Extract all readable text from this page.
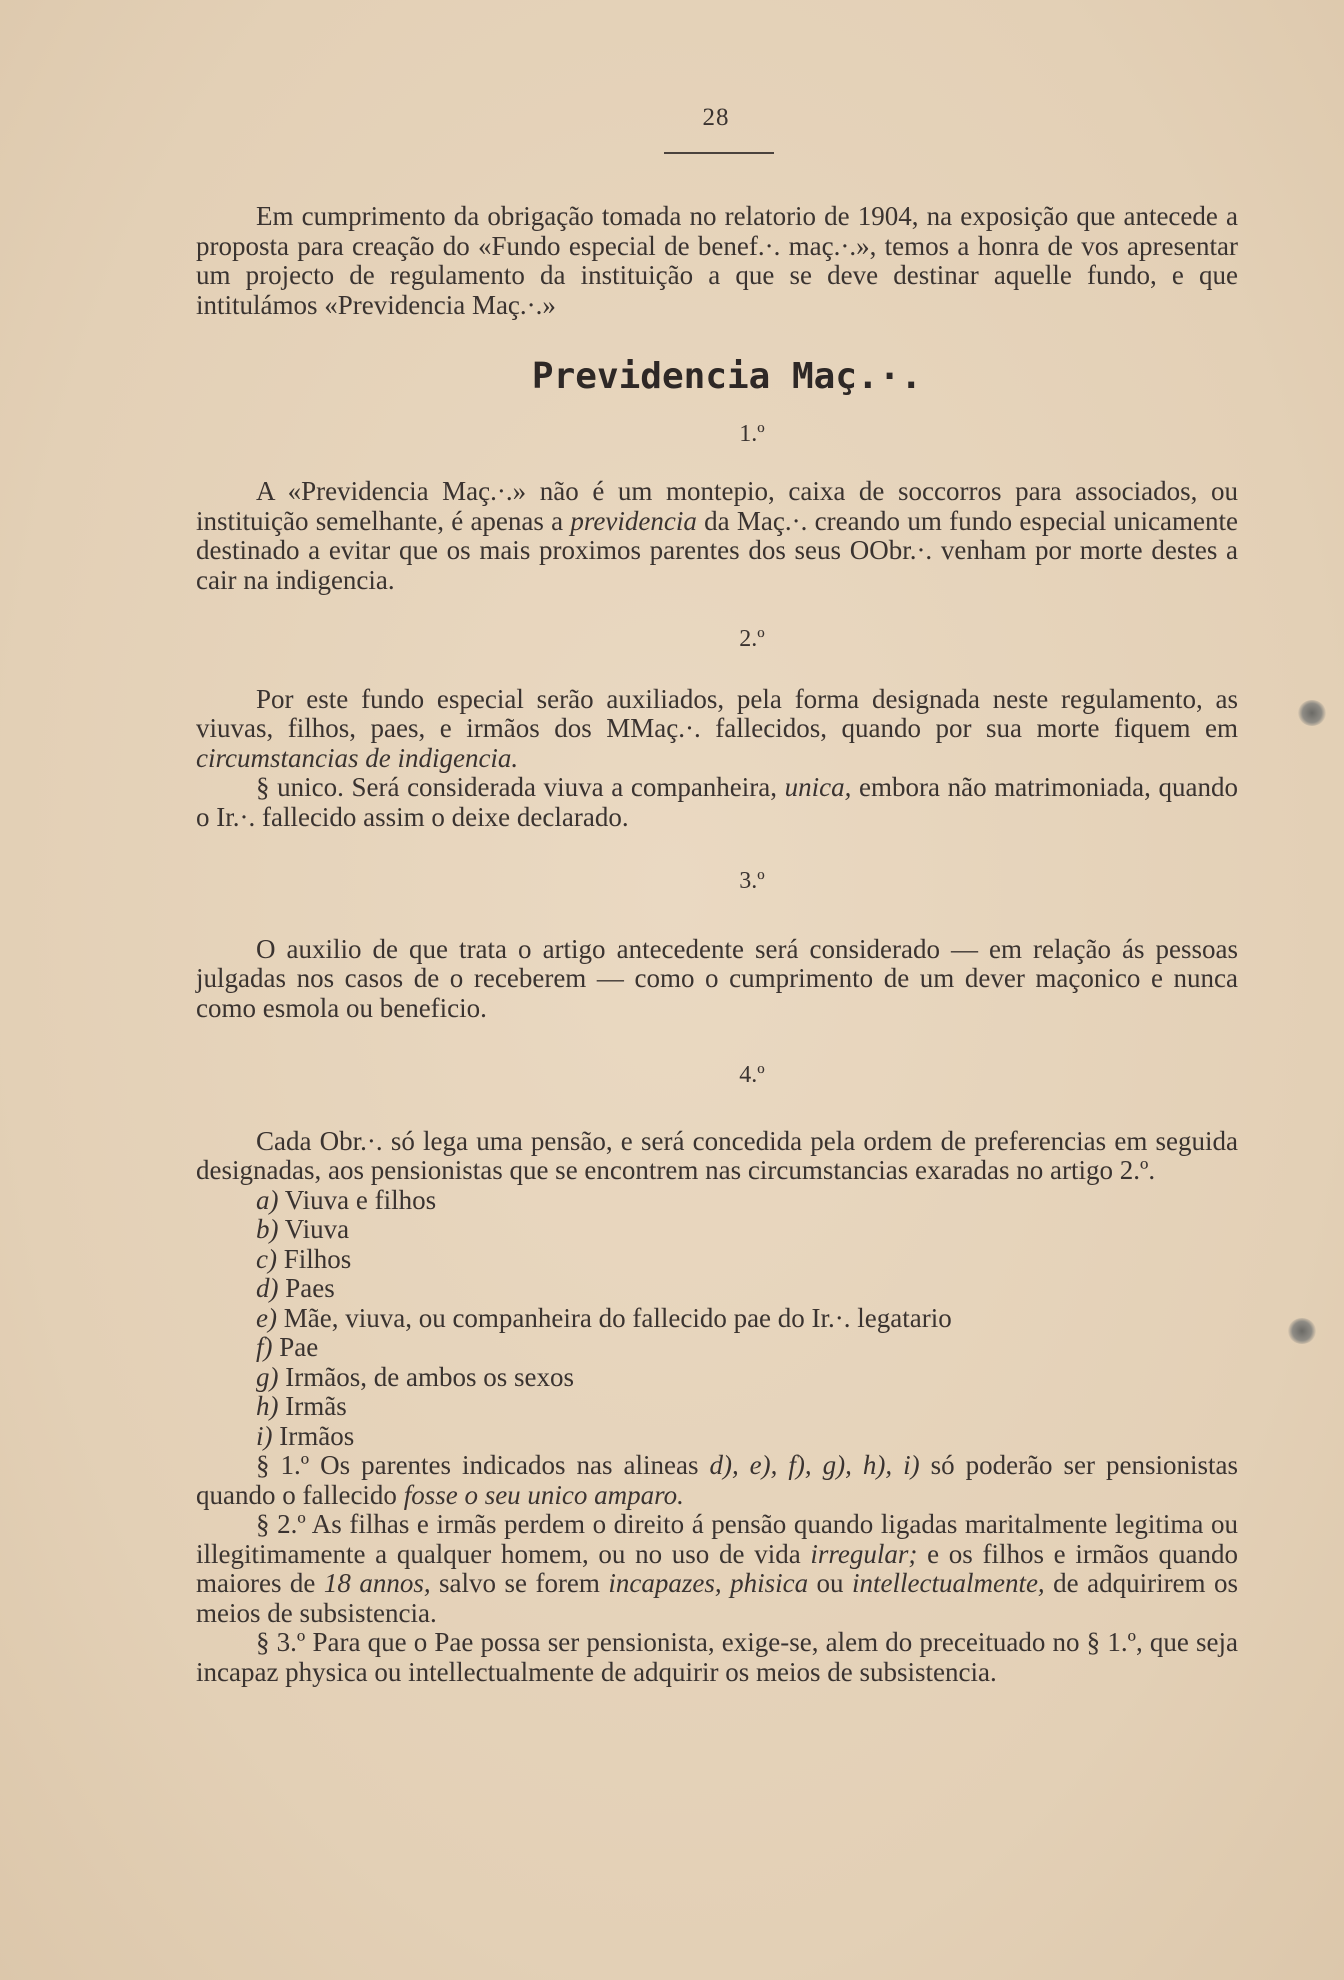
28

Em cumprimento da obrigação tomada no relatorio de 1904, na exposição que antecede a proposta para creação do «Fundo especial de benef.·. maç.·.», temos a honra de vos apresentar um projecto de regulamento da instituição a que se deve destinar aquelle fundo, e que intitulámos «Previdencia Maç.·.»

Previdencia Maç.·.
1.º

A «Previdencia Maç.·.» não é um montepio, caixa de soccorros para associados, ou instituição semelhante, é apenas a previdencia da Maç.·. creando um fundo especial unicamente destinado a evitar que os mais proximos parentes dos seus OObr.·. venham por morte destes a cair na indigencia.

2.º

Por este fundo especial serão auxiliados, pela forma designada neste regulamento, as viuvas, filhos, paes, e irmãos dos MMaç.·. fallecidos, quando por sua morte fiquem em circumstancias de indigencia.

§ unico. Será considerada viuva a companheira, unica, embora não matrimoniada, quando o Ir.·. fallecido assim o deixe declarado.

3.º

O auxilio de que trata o artigo antecedente será considerado — em relação ás pessoas julgadas nos casos de o receberem — como o cumprimento de um dever maçonico e nunca como esmola ou beneficio.

4.º

Cada Obr.·. só lega uma pensão, e será concedida pela ordem de preferencias em seguida designadas, aos pensionistas que se encontrem nas circumstancias exaradas no artigo 2.º.

a) Viuva e filhos
b) Viuva
c) Filhos
d) Paes
e) Mãe, viuva, ou companheira do fallecido pae do Ir.·. legatario
f) Pae
g) Irmãos, de ambos os sexos
h) Irmãs
i) Irmãos

§ 1.º Os parentes indicados nas alineas d), e), f), g), h), i) só poderão ser pensionistas quando o fallecido fosse o seu unico amparo.

§ 2.º As filhas e irmãs perdem o direito á pensão quando ligadas maritalmente legitima ou illegitimamente a qualquer homem, ou no uso de vida irregular; e os filhos e irmãos quando maiores de 18 annos, salvo se forem incapazes, phisica ou intellectualmente, de adquirirem os meios de subsistencia.

§ 3.º Para que o Pae possa ser pensionista, exige-se, alem do preceituado no § 1.º, que seja incapaz physica ou intellectualmente de adquirir os meios de subsistencia.
